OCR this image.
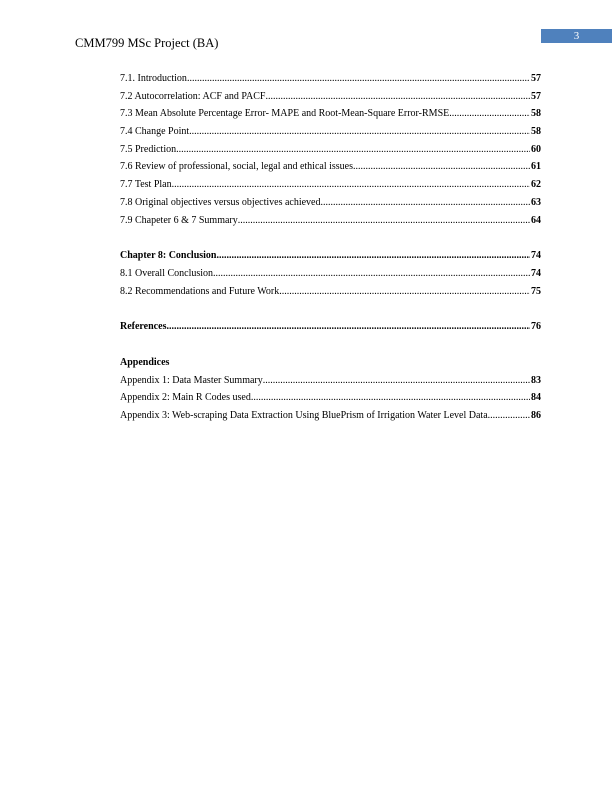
CMM799 MSc Project (BA)	3
7.1. Introduction .....	57
7.2 Autocorrelation: ACF and PACF .....	57
7.3 Mean Absolute Percentage Error- MAPE and Root-Mean-Square Error-RMSE .....	58
7.4 Change Point .....	58
7.5 Prediction .....	60
7.6 Review of professional, social, legal and ethical issues .....	61
7.7 Test Plan .....	62
7.8 Original objectives versus objectives achieved .....	63
7.9 Chapeter 6 & 7 Summary .....	64
Chapter 8: Conclusion .....	74
8.1 Overall Conclusion .....	74
8.2 Recommendations and Future Work .....	75
References .....	76
Appendices
Appendix 1: Data Master Summary .....	83
Appendix 2: Main R Codes used .....	84
Appendix 3: Web-scraping Data Extraction Using BluePrism of Irrigation Water Level Data .....	86
